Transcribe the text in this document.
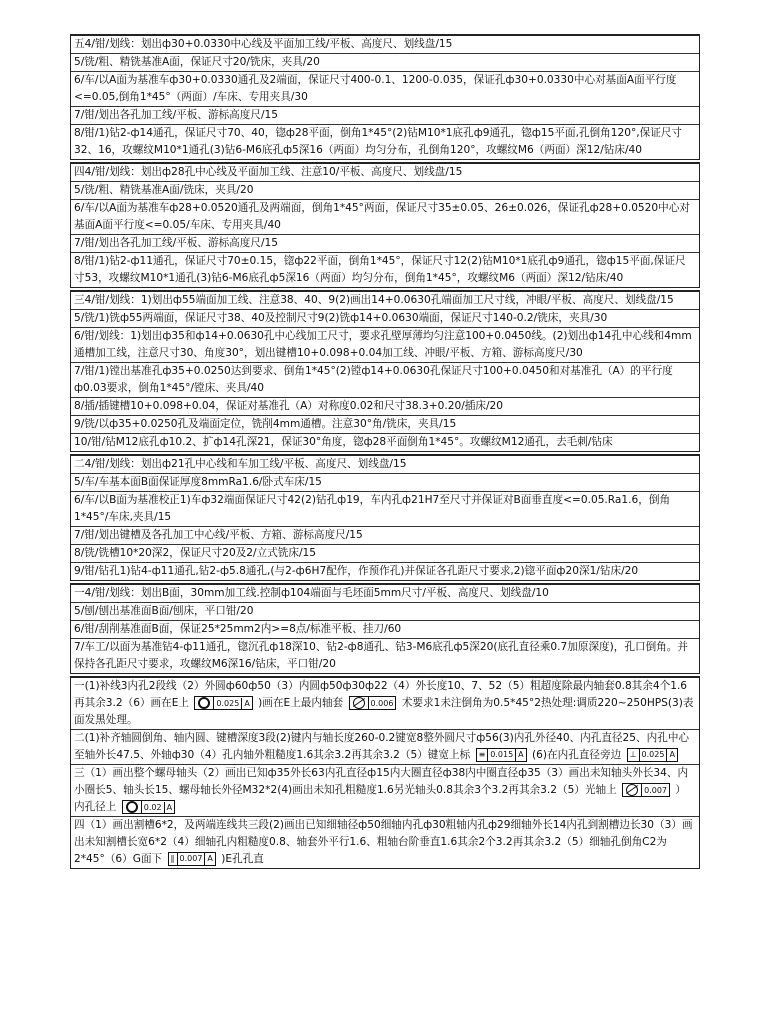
五4/钳/划线：划出ф30+0.0330中心线及平面加工线/平板、高度尺、划线盘/15
5/铣/粗、精铣基准A面，保证尺寸20/铣床，夹具/20
6/车/以A面为基准车ф30+0.0330通孔及2端面，保证尺寸400-0.1、1200-0.035，保证孔ф30+0.0330中心对基面A面平行度<=0.05,倒角1*45°（两面）/车床、专用夹具/30
7/钳/划出各孔加工线/平板、游标高度尺/15
8/钳/1)钻2-ф14通孔，保证尺寸70、40，锪ф28平面，倒角1*45°(2)钻M10*1底孔ф9通孔，锪ф15平面,孔倒角120°,保证尺寸32、16，攻螺纹M10*1通孔(3)钻6-M6底孔ф5深16（两面）均匀分布，孔倒角120°，攻螺纹M6（两面）深12/钻床/40
四4/钳/划线：划出ф28孔中心线及平面加工线、注意10/平板、高度尺、划线盘/15
5/铣/粗、精铣基准A面/铣床，夹具/20
6/车/以A面为基准车ф28+0.0520通孔及两端面，倒角1*45°两面，保证尺寸35±0.05、26±0.026，保证孔ф28+0.0520中心对基面A面平行度<=0.05/车床、专用夹具/40
7/钳/划出各孔加工线/平板、游标高度尺/15
8/钳/1)钻2-ф11通孔，保证尺寸70±0.15，锪ф22平面，倒角1*45°，保证尺寸12(2)钻M10*1底孔ф9通孔，锪ф15平面,保证尺寸53，攻螺纹M10*1通孔(3)钻6-M6底孔ф5深16（两面）均匀分布，倒角1*45°，攻螺纹M6（两面）深12/钻床/40
三4/钳/划线：1)划出ф55端面加工线、注意38、40、9(2)画出14+0.0630孔端面加工尺寸线，冲眼/平板、高度尺、划线盘/15
5/铣/1)铣ф55两端面，保证尺寸38、40及控制尺寸9(2)铣ф14+0.0630端面，保证尺寸140-0.2/铣床，夹具/30
6/钳/划线：1)划出ф35和ф14+0.0630孔中心线加工尺寸，要求孔壁厚薄均匀注意100+0.0450线。(2)划出ф14孔中心线和4mm通槽加工线，注意尺寸30、角度30°，划出键槽10+0.098+0.04加工线、冲眼/平板、方箱、游标高度尺/30
7/钳/1)镗出基准孔ф35+0.0250达到要求、倒角1*45°(2)镗ф14+0.0630孔保证尺寸100+0.0450和对基准孔（A）的平行度ф0.03要求，倒角1*45°/镗床、夹具/40
8/插/插键槽10+0.098+0.04，保证对基准孔（A）对称度0.02和尺寸38.3+0.20/插床/20
9/铣/以ф35+0.0250孔及端面定位，铣削4mm通槽。注意30°角/铣床，夹具/15
10/钳/钻M12底孔ф10.2、扩ф14孔深21，保证30°角度，锪ф28平面倒角1*45°。攻螺纹M12通孔，去毛刺/钻床
二4/钳/划线：划出ф21孔中心线和车加工线/平板、高度尺、划线盘/15
5/车/车基本面B面保证厚度8mmRa1.6/卧式车床/15
6/车/以B面为基准校正1)车ф32端面保证尺寸42(2)钻孔ф19，车内孔ф21H7至尺寸并保证对B面垂直度<=0.05.Ra1.6，倒角1*45°/车床,夹具/15
7/钳/划出键槽及各孔加工中心线/平板、方箱、游标高度尺/15
8/铣/铣槽10*20深2，保证尺寸20及2/立式铣床/15
9/钳/钻孔1)钻4-ф11通孔,钻2-ф5.8通孔,(与2-ф6H7配作，作预作孔)并保证各孔距尺寸要求,2)锪平面ф20深1/钻床/20
一4/钳/划线：划出B面，30mm加工线.控制ф104端面与毛坯面5mm尺寸/平板、高度尺、划线盘/10
5/刨/刨出基准面B面/刨床，平口钳/20
6/钳/刮削基准面B面，保证25*25mm2内>=8点/标准平板、挂刀/60
7/车工/以面为基准钻4-ф11通孔，锪沉孔ф18深10、钻2-ф8通孔、钻3-M6底孔ф5深20(底孔直径乘0.7加原深度)，孔口倒角。并保持各孔距尺寸要求，攻螺纹M6深16/钻床，平口钳/20
一(1)补线3内孔2段线（2）外圆ф60ф50（3）内圆ф50ф30ф22（4）外长度10、7、52（5）粗超度除最内轴套0.8其余4个1.6再其余3.2（6）画在E上	0.025 A )画在E上最内轴套	0.006 术要求1未注倒角为0.5*45°2热处理:调质220~250HPS(3)表面发黑处理。
二(1)补齐轴圆倒角、轴内圆、键槽深度3段(2)键内与轴长度260-0.2键宽8整外圆尺寸ф56(3)内孔外径40、内孔直径25、内孔中心至轴外长47.5、外轴ф30（4）孔内轴外粗糙度1.6其余3.2再其余3.2（5）键宽上标 ≡ 0.015 A (6)在内孔直径旁边 ⊥ 0.025 A
三（1）画出整个螺母轴头（2）画出已知ф35外长63内孔直径ф15内大圈直径ф38内中圈直径ф35（3）画出未知轴头外长34、内小圈长5、轴头长15、螺母轴长外径M32*2(4)画出未知孔粗糙度1.6另光轴头0.8其余3个3.2再其余3.2（5）光轴上	0.007 ）内孔径上	0.02 A
四（1）画出割槽6*2，及两端连线共三段(2)画出已知细轴径ф50细轴内孔ф30粗轴内孔ф29细轴外长14内孔到割槽边长30（3）画出未知割槽长宽6*2（4）细轴孔内粗糙度0.8、轴套外平行1.6、粗轴台阶垂直1.6其余2个3.2再其余3.2（5）细轴孔倒角C2为2*45°（6）G面下 ∥ 0.007 A )E孔孔直
